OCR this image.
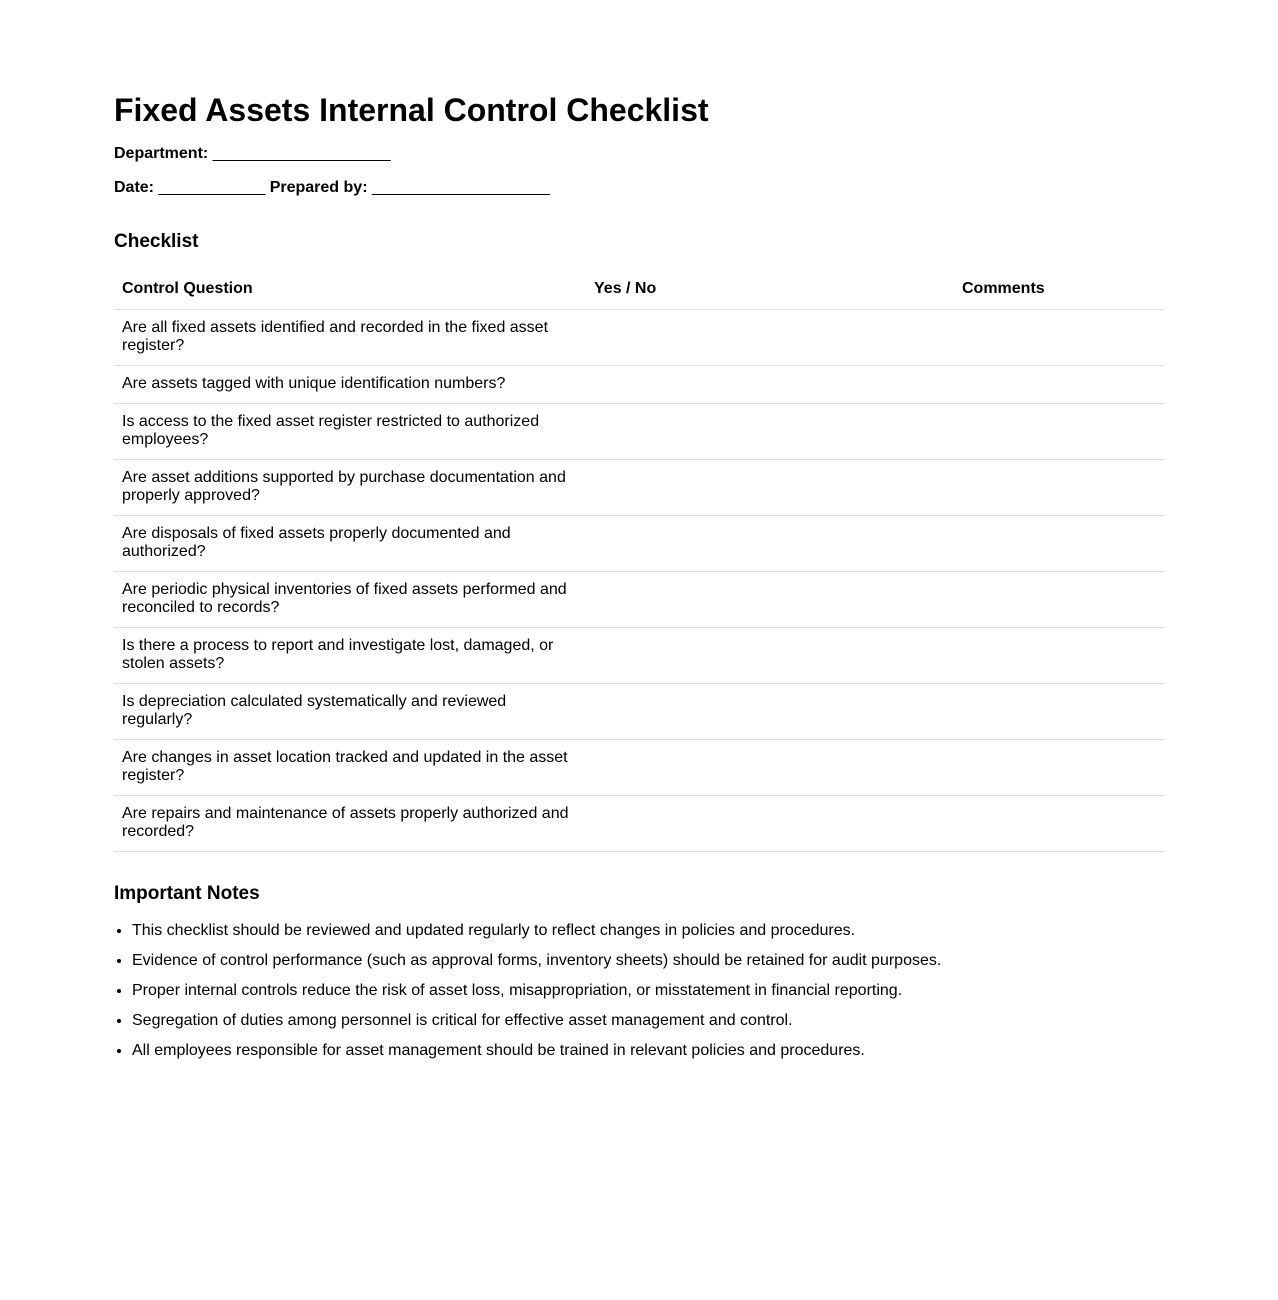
Fixed Assets Internal Control Checklist

Department: ____________________

Date: ____________ Prepared by: ____________________

Checklist
Control Question	Yes / No	Comments
Are all fixed assets identified and recorded in the fixed asset register?		
Are assets tagged with unique identification numbers?		
Is access to the fixed asset register restricted to authorized employees?		
Are asset additions supported by purchase documentation and properly approved?		
Are disposals of fixed assets properly documented and authorized?		
Are periodic physical inventories of fixed assets performed and reconciled to records?		
Is there a process to report and investigate lost, damaged, or stolen assets?		
Is depreciation calculated systematically and reviewed regularly?		
Are changes in asset location tracked and updated in the asset register?		
Are repairs and maintenance of assets properly authorized and recorded?		
Important Notes
• This checklist should be reviewed and updated regularly to reflect changes in policies and procedures.
• Evidence of control performance (such as approval forms, inventory sheets) should be retained for audit purposes.
• Proper internal controls reduce the risk of asset loss, misappropriation, or misstatement in financial reporting.
• Segregation of duties among personnel is critical for effective asset management and control.
• All employees responsible for asset management should be trained in relevant policies and procedures.
